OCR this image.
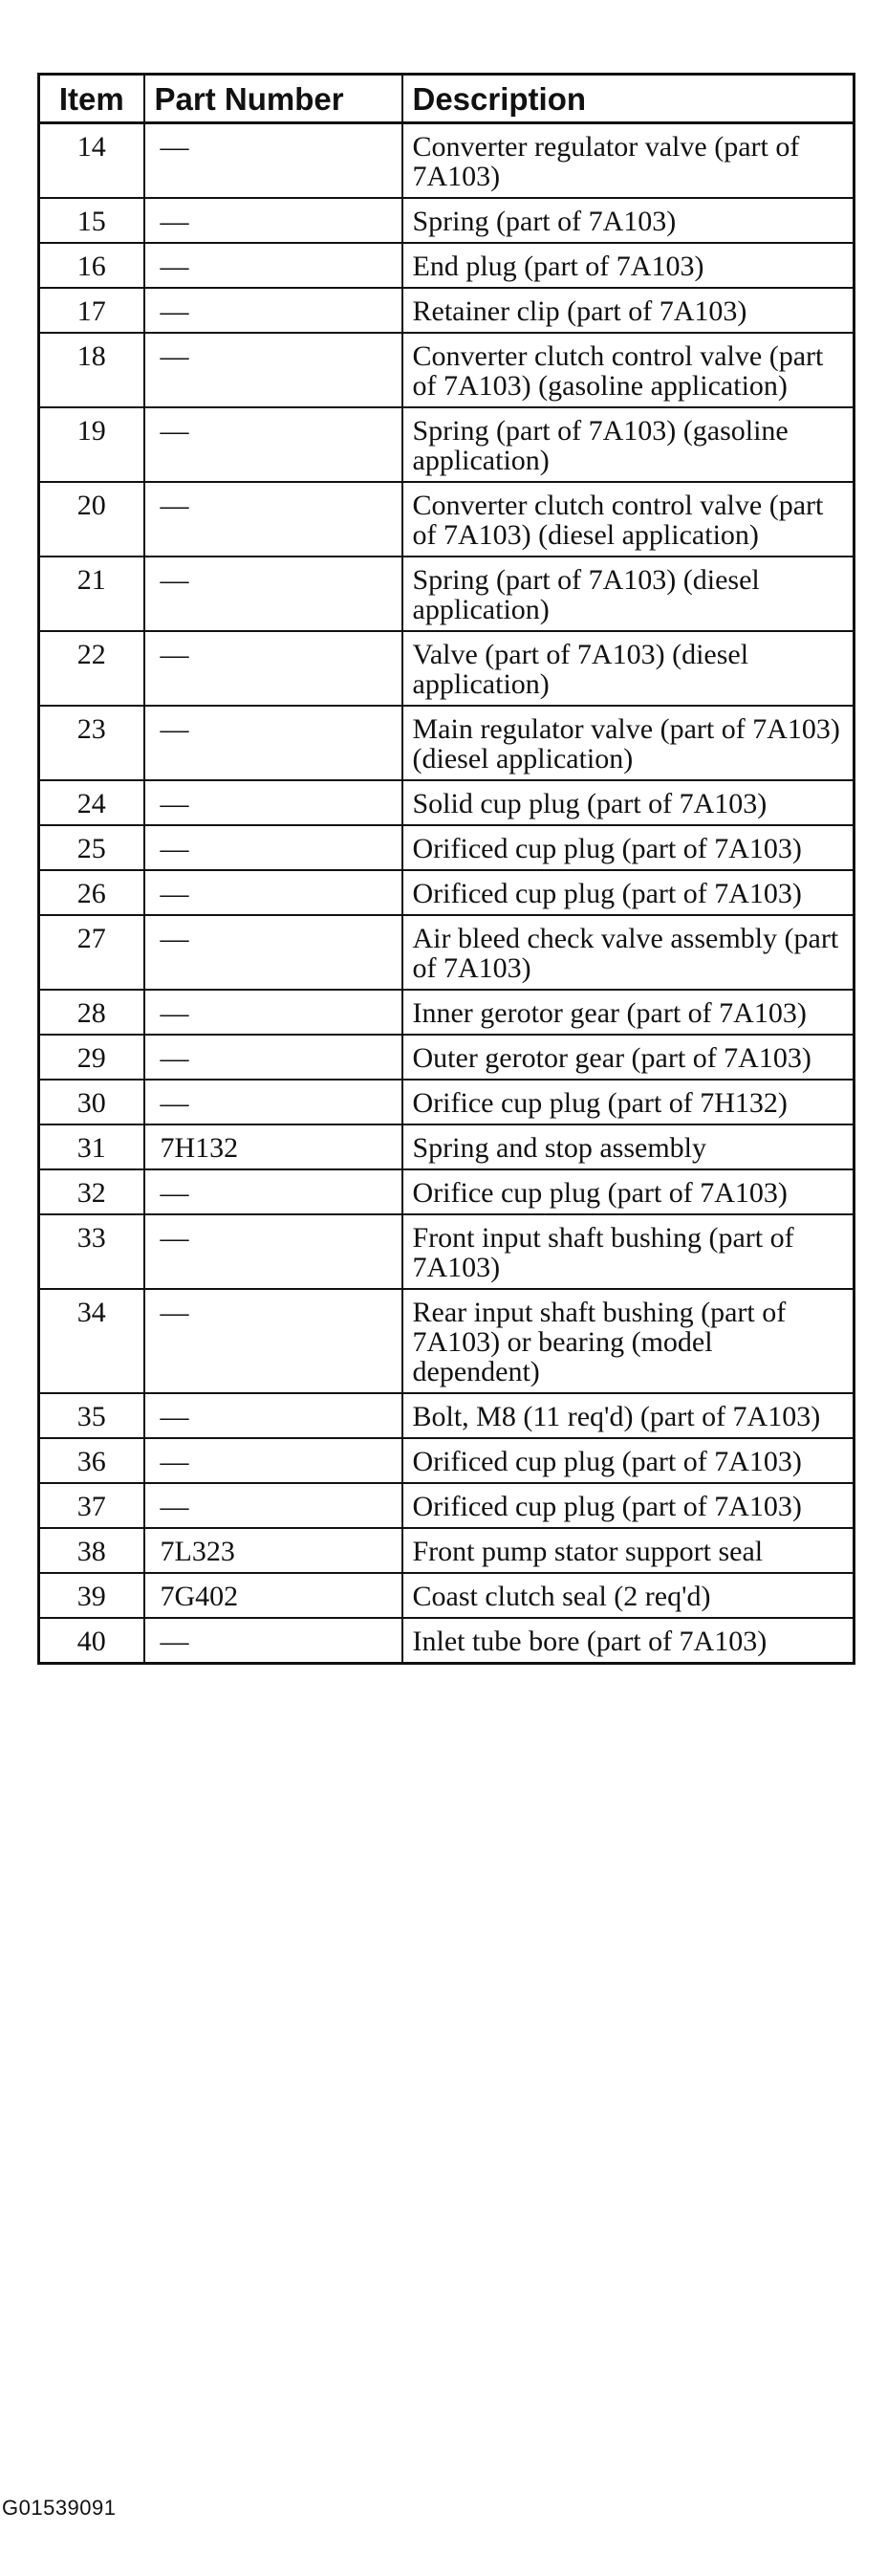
Item	Part Number	Description
14	—	Converter regulator valve (part of 7A103)
15	—	Spring (part of 7A103)
16	—	End plug (part of 7A103)
17	—	Retainer clip (part of 7A103)
18	—	Converter clutch control valve (part of 7A103) (gasoline application)
19	—	Spring (part of 7A103) (gasoline application)
20	—	Converter clutch control valve (part of 7A103) (diesel application)
21	—	Spring (part of 7A103) (diesel application)
22	—	Valve (part of 7A103) (diesel application)
23	—	Main regulator valve (part of 7A103) (diesel application)
24	—	Solid cup plug (part of 7A103)
25	—	Orificed cup plug (part of 7A103)
26	—	Orificed cup plug (part of 7A103)
27	—	Air bleed check valve assembly (part of 7A103)
28	—	Inner gerotor gear (part of 7A103)
29	—	Outer gerotor gear (part of 7A103)
30	—	Orifice cup plug (part of 7H132)
31	7H132	Spring and stop assembly
32	—	Orifice cup plug (part of 7A103)
33	—	Front input shaft bushing (part of 7A103)
34	—	Rear input shaft bushing (part of 7A103) or bearing (model dependent)
35	—	Bolt, M8 (11 req'd) (part of 7A103)
36	—	Orificed cup plug (part of 7A103)
37	—	Orificed cup plug (part of 7A103)
38	7L323	Front pump stator support seal
39	7G402	Coast clutch seal (2 req'd)
40	—	Inlet tube bore (part of 7A103)
G01539091
